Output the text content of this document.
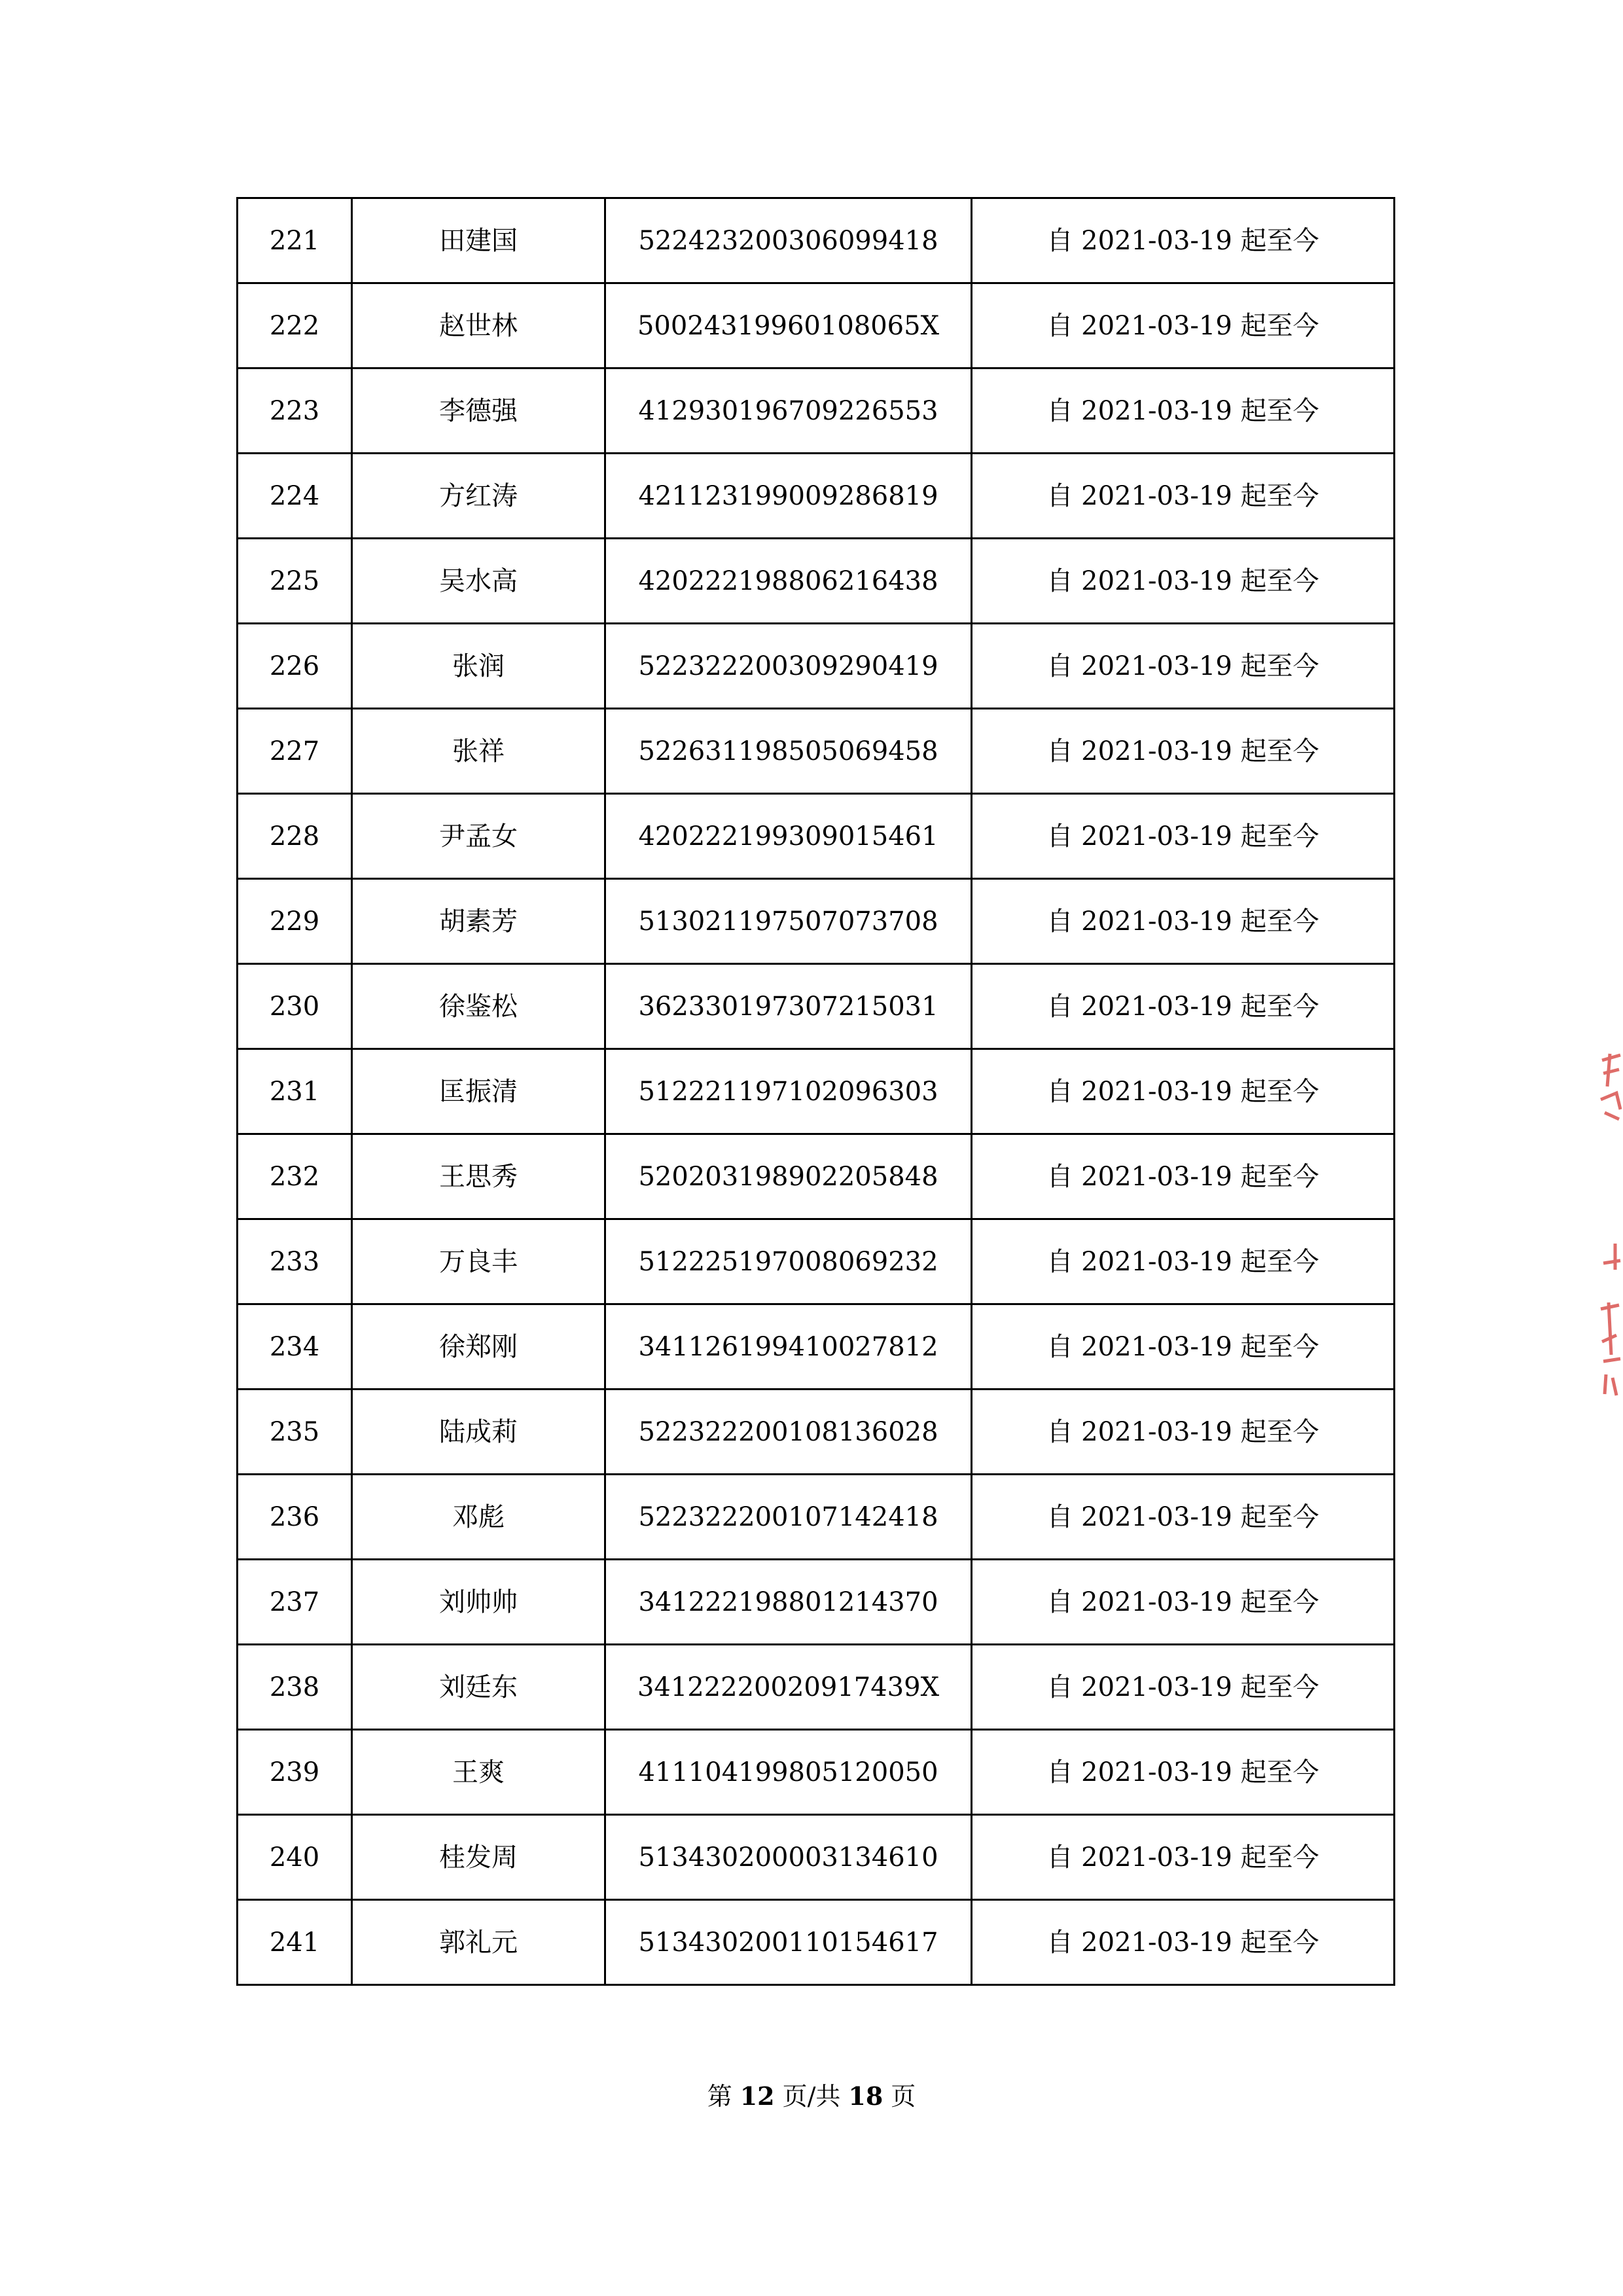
221	田建国	522423200306099418	自 2021-03-19 起至今
222	赵世林	50024319960108065X	自 2021-03-19 起至今
223	李德强	412930196709226553	自 2021-03-19 起至今
224	方红涛	421123199009286819	自 2021-03-19 起至今
225	吴水高	420222198806216438	自 2021-03-19 起至今
226	张润	522322200309290419	自 2021-03-19 起至今
227	张祥	522631198505069458	自 2021-03-19 起至今
228	尹孟女	420222199309015461	自 2021-03-19 起至今
229	胡素芳	513021197507073708	自 2021-03-19 起至今
230	徐鉴松	362330197307215031	自 2021-03-19 起至今
231	匡振清	512221197102096303	自 2021-03-19 起至今
232	王思秀	520203198902205848	自 2021-03-19 起至今
233	万良丰	512225197008069232	自 2021-03-19 起至今
234	徐郑刚	341126199410027812	自 2021-03-19 起至今
235	陆成莉	522322200108136028	自 2021-03-19 起至今
236	邓彪	522322200107142418	自 2021-03-19 起至今
237	刘帅帅	341222198801214370	自 2021-03-19 起至今
238	刘廷东	34122220020917439X	自 2021-03-19 起至今
239	王爽	411104199805120050	自 2021-03-19 起至今
240	桂发周	513430200003134610	自 2021-03-19 起至今
241	郭礼元	513430200110154617	自 2021-03-19 起至今
第 12 页/共 18 页
